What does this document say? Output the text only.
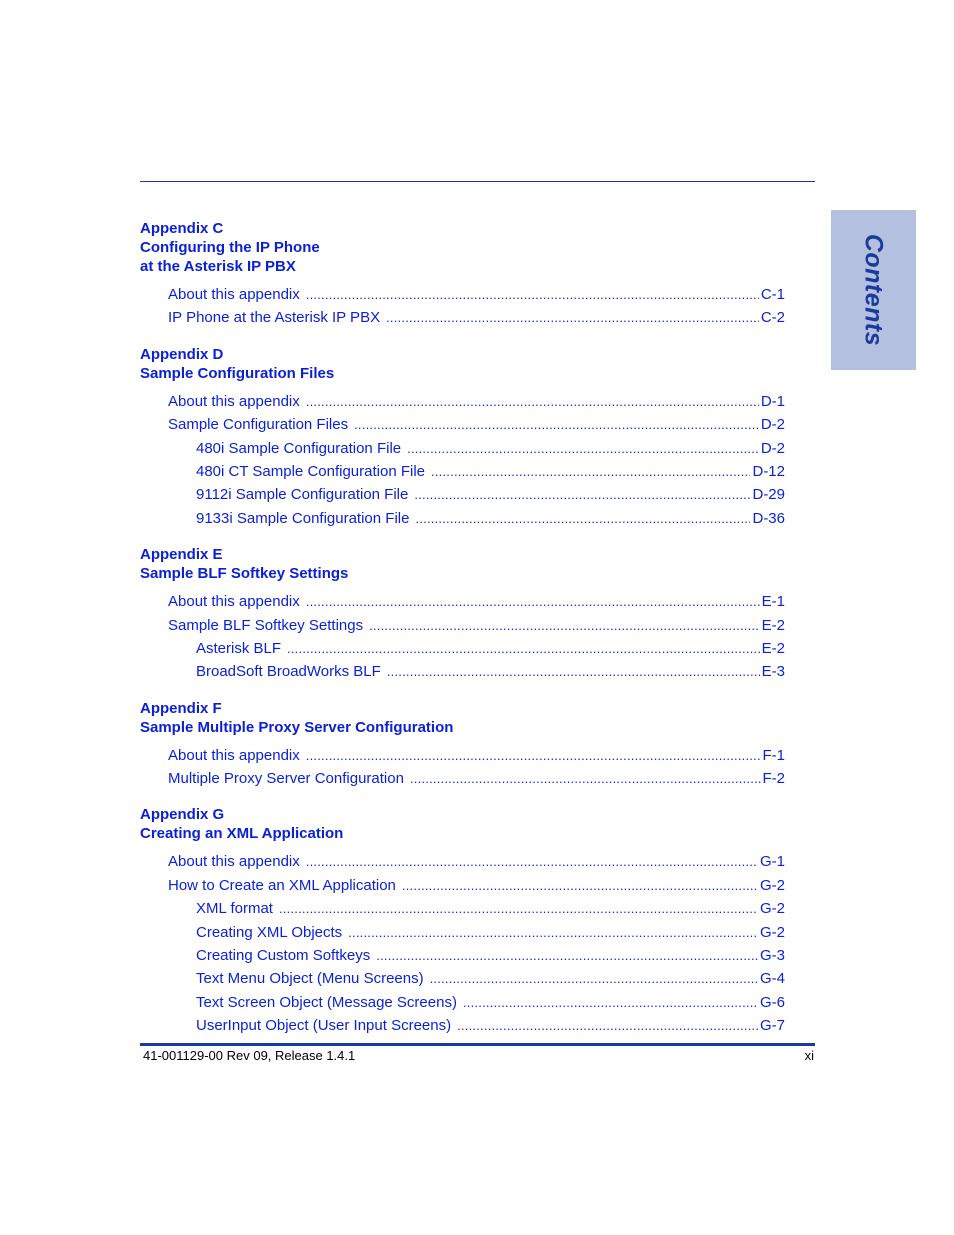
Contents
Appendix C
Configuring the IP Phone
at the Asterisk IP PBX
About this appendix . . .	C-1
IP Phone at the Asterisk IP PBX . . .	C-2
Appendix D
Sample Configuration Files
About this appendix . . .	D-1
Sample Configuration Files . . .	D-2
480i Sample Configuration File . . .	D-2
480i CT Sample Configuration File . . .	D-12
9112i Sample Configuration File . . .	D-29
9133i Sample Configuration File . . .	D-36
Appendix E
Sample BLF Softkey Settings
About this appendix . . .	E-1
Sample BLF Softkey Settings . . .	E-2
Asterisk BLF . . .	E-2
BroadSoft BroadWorks BLF . . .	E-3
Appendix F
Sample Multiple Proxy Server Configuration
About this appendix . . .	F-1
Multiple Proxy Server Configuration . . .	F-2
Appendix G
Creating an XML Application
About this appendix . . .	G-1
How to Create an XML Application . . .	G-2
XML format . . .	G-2
Creating XML Objects . . .	G-2
Creating Custom Softkeys . . .	G-3
Text Menu Object (Menu Screens) . . .	G-4
Text Screen Object (Message Screens) . . .	G-6
UserInput Object (User Input Screens) . . .	G-7
41-001129-00 Rev 09, Release 1.4.1	xi
